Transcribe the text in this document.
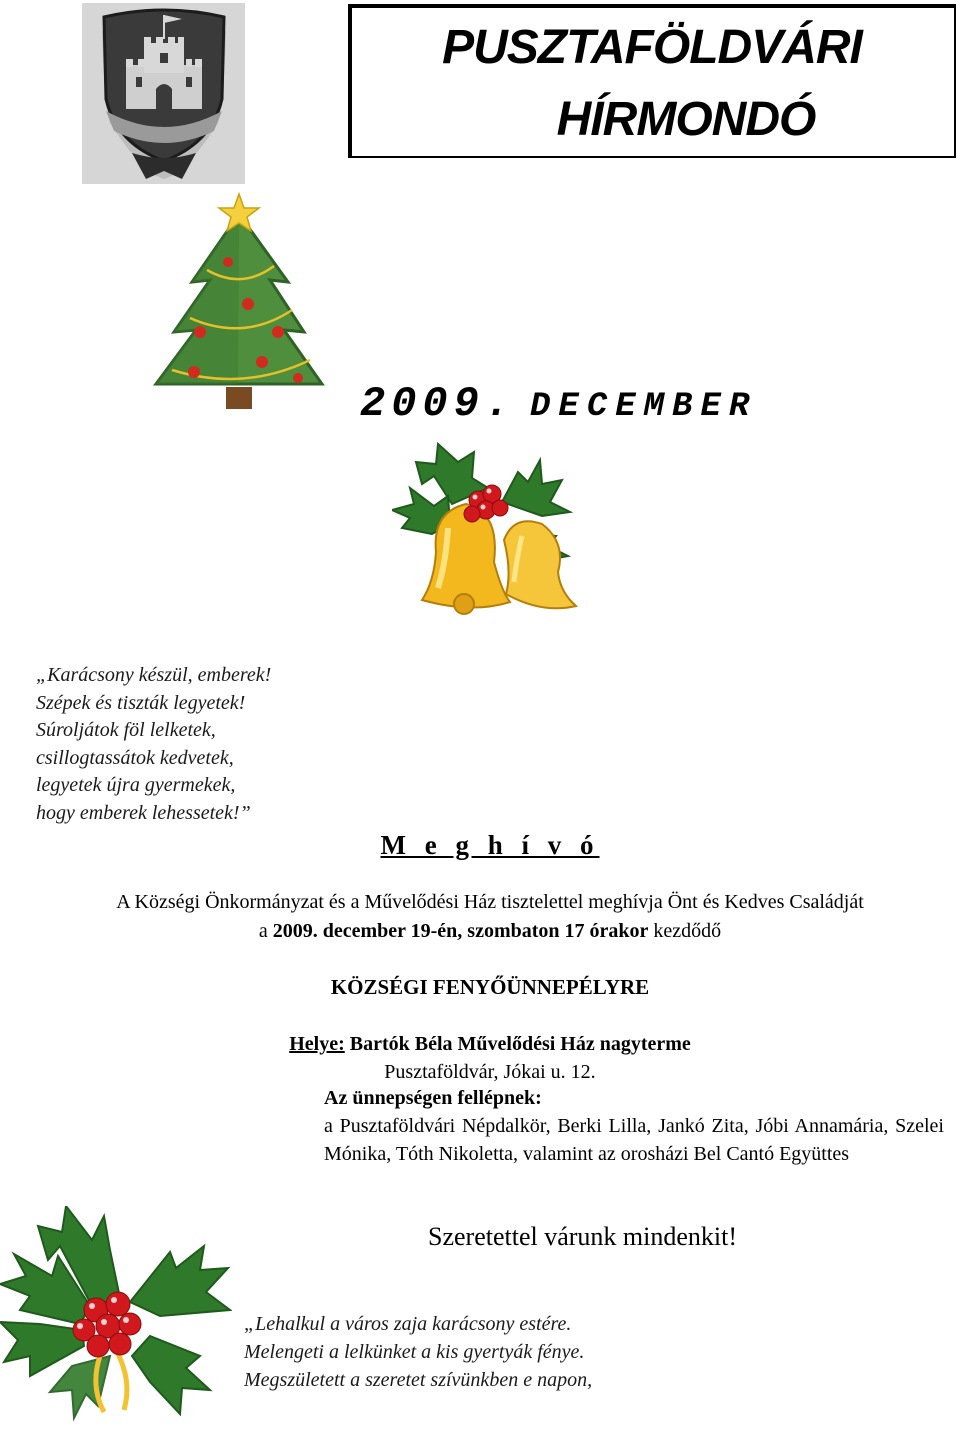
PUSZTAFÖLDVÁRI
HÍRMONDÓ
2009. DECEMBER
„Karácsony készül, emberek!
Szépek és tiszták legyetek!
Súroljátok föl lelketek,
csillogtassátok kedvetek,
legyetek újra gyermekek,
hogy emberek lehessetek!”
M e g h í v ó
A Községi Önkormányzat és a Művelődési Ház tisztelettel meghívja Önt és Kedves Családját
a 2009. december 19-én, szombaton 17 órakor kezdődő
KÖZSÉGI FENYŐÜNNEPÉLYRE
Helye: Bartók Béla Művelődési Ház nagyterme
Pusztaföldvár, Jókai u. 12.
Az ünnepségen fellépnek:
a Pusztaföldvári Népdalkör, Berki Lilla, Jankó Zita, Jóbi Annamária, Szelei Mónika, Tóth Nikoletta, valamint az orosházi Bel Cantó Együttes
Szeretettel várunk mindenkit!
„Lehalkul a város zaja karácsony estére.
Melengeti a lelkünket a kis gyertyák fénye.
Megszületett a szeretet szívünkben e napon,
